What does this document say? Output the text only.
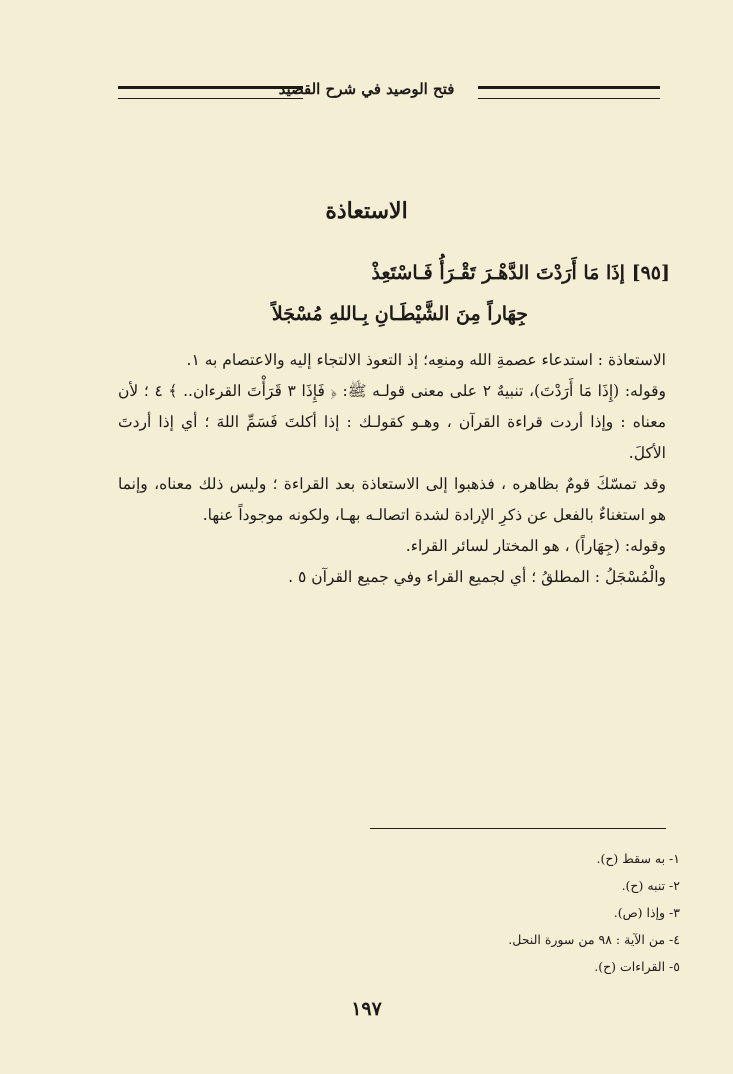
فتح الوصيد في شرح القصيد
الاستعاذة
[٩٥] إذَا مَا أَرَدْتَ الدَّهْـرَ تَقْـرَأُ فَـاسْتَعِذْ
جِهَاراً مِنَ الشَّيْطَـانِ بِـاللهِ مُسْجَلاً

الاستعاذة : استدعاء عصمةِ الله ومنعِه؛ إذ التعوذ الالتجاء إليه والاعتصام به ١.

وقوله: (إِذَا مَا أَرَدْتَ)، تنبيهٌ ٢ على معنى قولـه ﷺ: ﴿ فَإِذَا ٣ قَرَأْتَ القرءان.. ﴾ ٤ ؛ لأن معناه : وإذا أردت قراءة القرآن ، وهـو كقولـك : إذا أكلتَ فَسَمِّ اللهَ ؛ أي إذا أردتَ الأكلَ.

وقد تمسّكَ قومٌ بظاهره ، فذهبوا إلى الاستعاذة بعد القراءة ؛ وليس ذلك معناه، وإنما هو استغناءٌ بالفعل عن ذكرِ الإرادة لشدة اتصالـه بهـا، ولكونه موجوداً عنها.

وقوله: (جِهَاراً) ، هو المختار لسائر القراء.

والْمُسْجَلُ : المطلقُ ؛ أي لجميع القراء وفي جميع القرآن ٥ .

١- به سقط (ح).
٢- تنبه (ح).
٣- وإذا (ص).
٤- من الآية : ٩٨ من سورة النحل.
٥- القراءات (ح).
١٩٧
